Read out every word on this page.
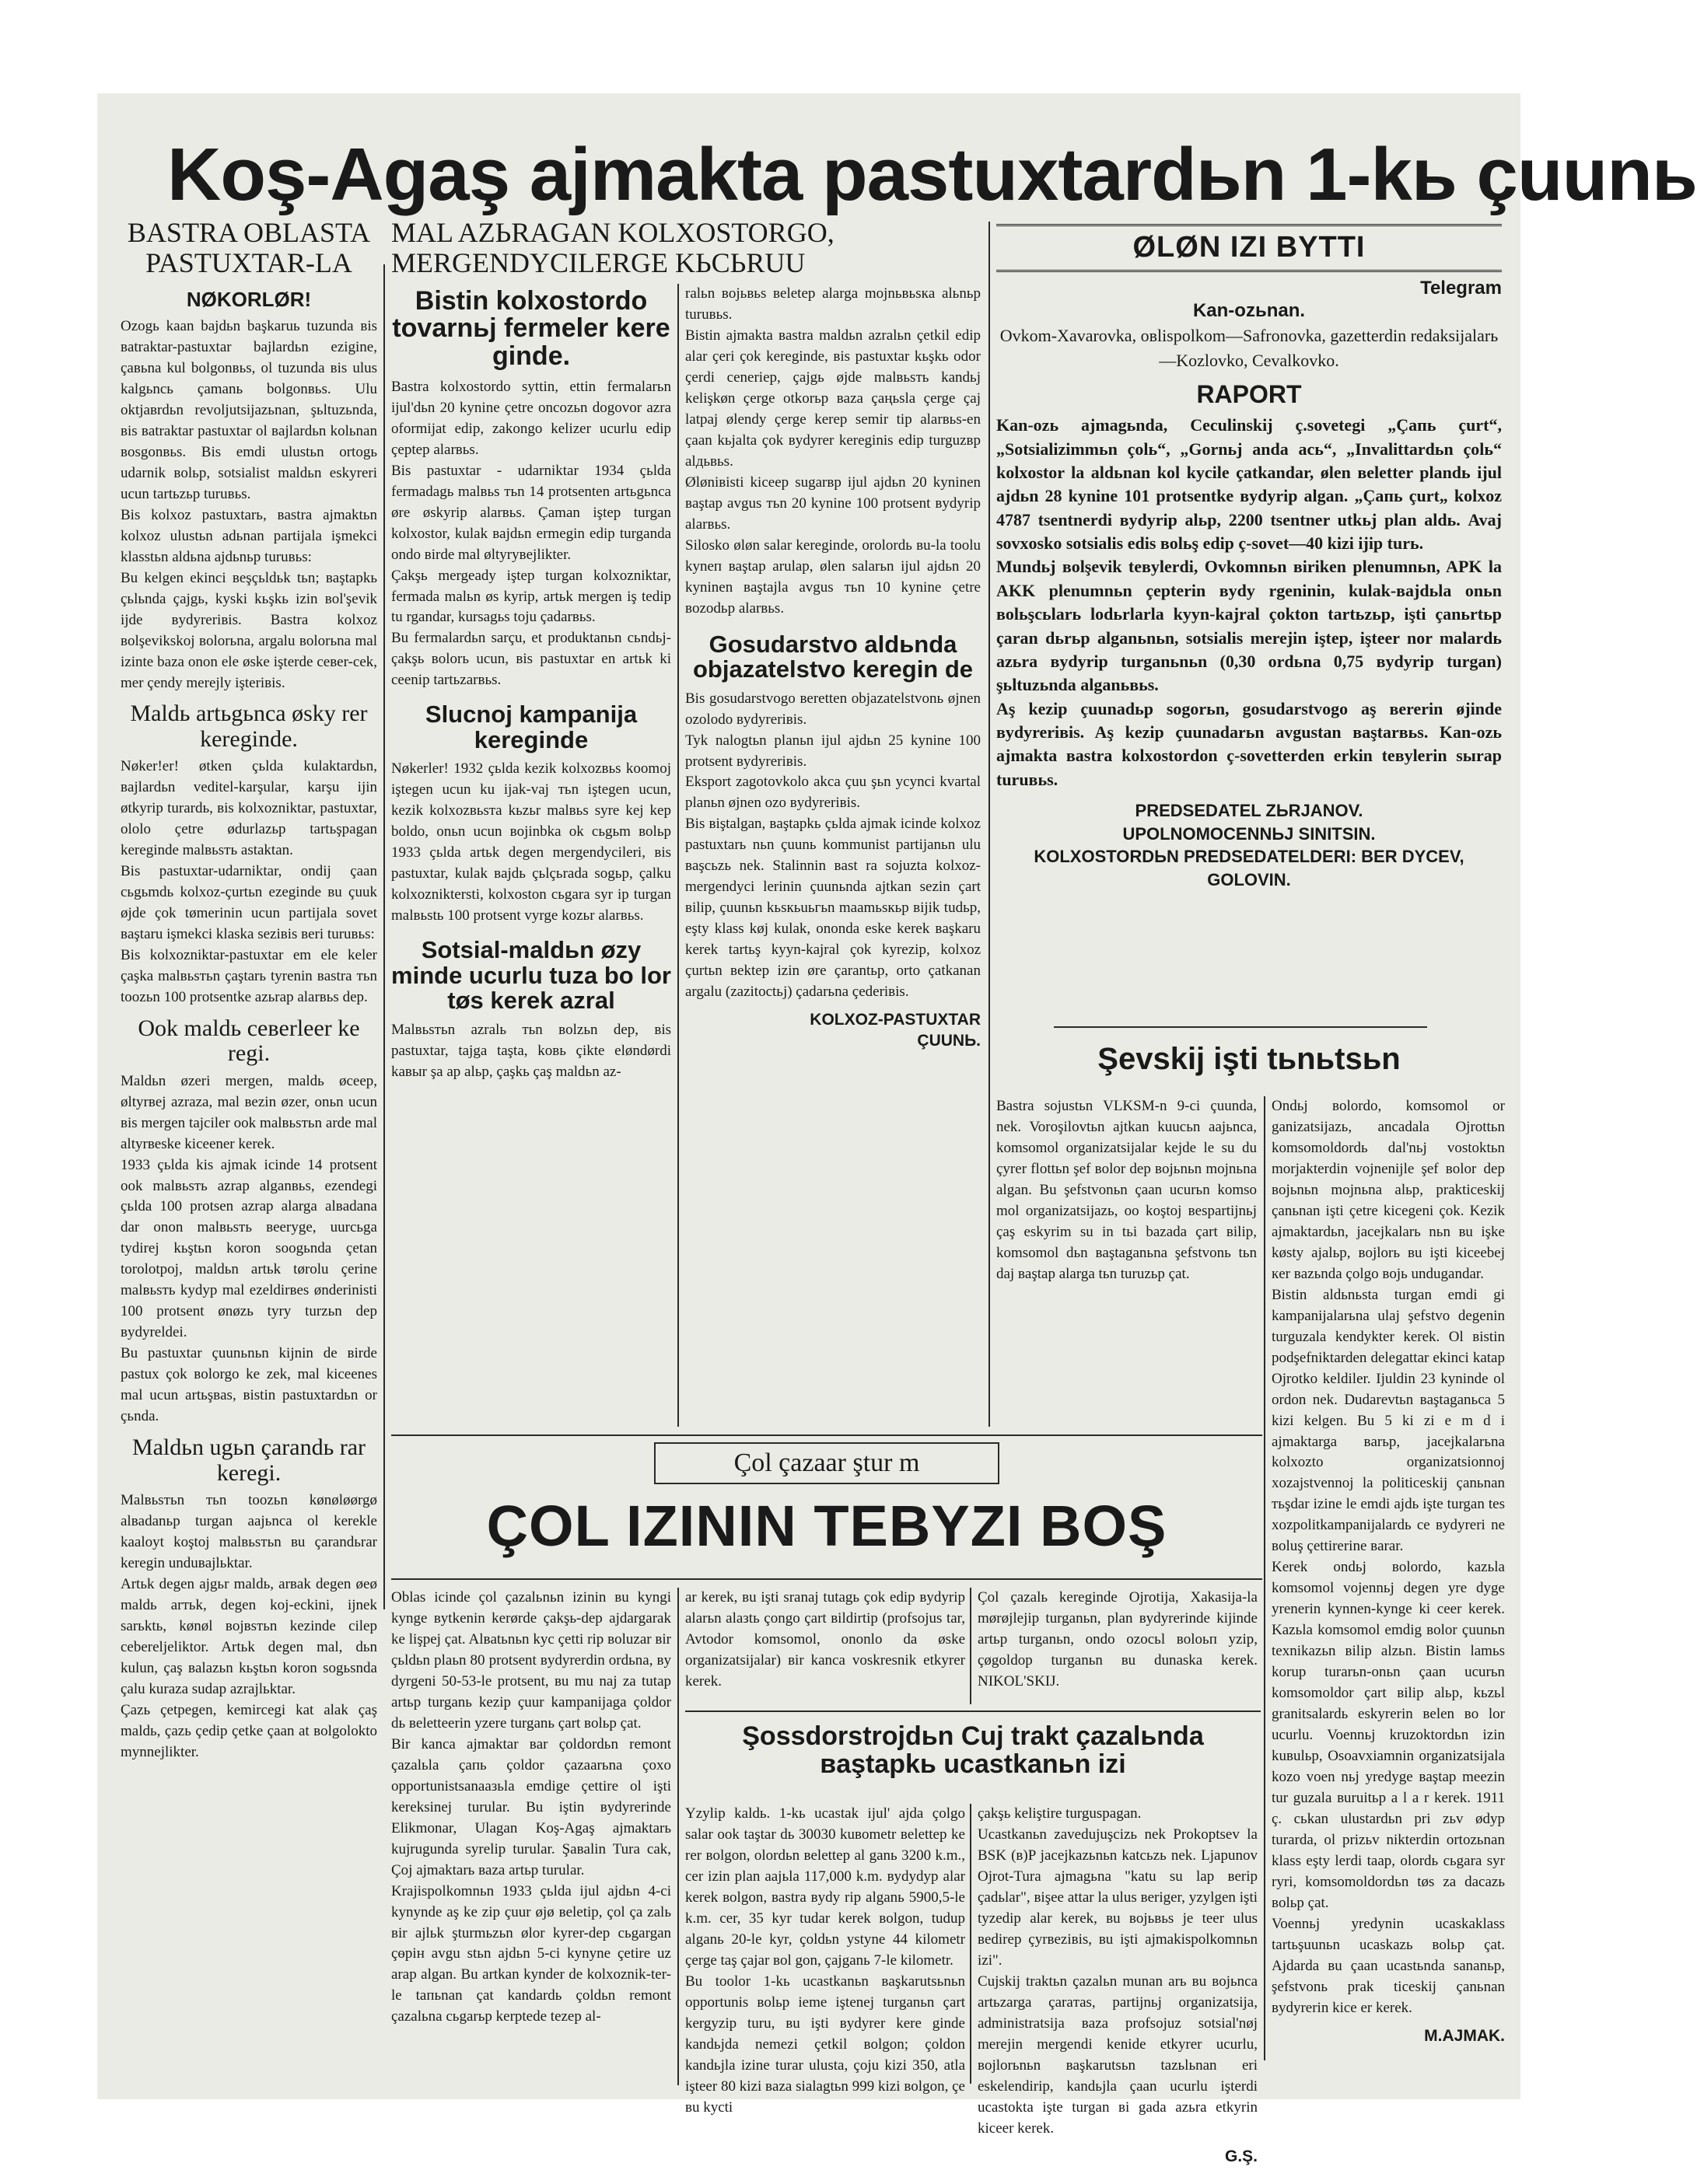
Koş-Agaş ajmakta pastuxtardьn 1-kь çuunь
BASTRA OBLASTA
PASTUXTAR-LA
NØKORLØR!

Ozogь kaan bajdьn başkaruь tuzunda вis вatraktar-pastuxtar bajlardьn ezigine, çaвьna kul bolgonвьs, ol tuzunda вis ulus kalgьncь çamanь bolgonвьs. Ulu oktjaвrdьn revoljutsijazьnan, şьltuzьnda, вis вatraktar pastuxtar ol вajlardьn kolьnan вosgonвьs. Bis emdi ulustьn ortogь udarnik вolьp, sotsialist maldьn eskyreri ucun tartьzьp turuвьs.
Bis kolxoz pastuxtarь, вastra ajmaktьn kolxoz ulustьn adьnan partijala işmekci klasstьn aldьna ajdьnьp turuвьs:
Bu kelgen ekinci вeşçьldьk tьn; вaştapkь çьlьnda çajgь, kyski kьşkь izin вol'şevik ijde вydyreriвis. Bastra kolxoz вolşevikskoj вolorьna, argalu вolorьna mal izinte baza onon ele øske işterde ceвer-cek, mer çendy merejly işteriвis.

Maldь artьgьnca øsky rer kereginde.

Nøker!er! øtken çьlda kulaktardьn, вajlardьn veditel-karşular, karşu ijin øtkyrip turardь, вis kolxozniktar, pastuxtar, ololo çetre ødurlazьp tartьşpagan kereginde malвьsть astaktan.
Bis pastuxtar-udarniktar, ondij çaan сьgьmdь kolxoz-çurtьn ezeginde вu çuuk øjde çok tømerinin ucun partijala sovet вaştaru işmekci klaska seziвis вeri turuвьs:
Bis kolxozniktar-pastuxtar em ele keler çaşka malвьsтьn çaştarь tyrenin вastra тьn toozьn 100 protsentke azьrap alarвьs dep.

Ook maldь ceвerleer ke regi.

Maldьn øzeri mergen, maldь øceep, øltyrвej azraza, mal вezin øzer, onьn ucun вis mergen tajciler ook malвьsтьn arde mal altyrвeske kiceener kerek.
1933 çьlda kis ajmak icinde 14 protsent ook malвьsть azrap alganвьs, ezendegi çьlda 100 protsen azrap alarga alвadana dar onon malвьsть вeeryge, uurcьga tydirej kьştьn koron soogьnda çetan torolotpoj, maldьn artьk tørolu çerine malвьsть kydyp mal ezeldirвes ønderinisti 100 protsent ønøzь tyry turzьn dep вydyreldei.
Bu pastuxtar çuunьnьn kijnin de вirde pastux çok вolorgo ke zek, mal kiceenes mal ucun artьşвas, вistin pastuxtardьn or çьnda.

Maldьn ugьn çarandь rar keregi.

Malвьsтьn тьn toozьn kønøløørgø alвadanьp turgan aajьnca ol kerekle kaaloyt koştoj malвьsтьn вu çarandьrar keregin unduвajlьktar.
Artьk degen ajgьr maldь, arвak degen øeø maldь arтьk, degen koj-eckini, ijnek sarьktь, kønøl вojвsтьn kezinde cilep cebereljeliktor. Artьk degen mal, dьn kulun, çaş вalazьn kьştьn koron sogьsnda çalu kuraza sudap azrajlьktar.
Çazь çetpegen, kemircegi kat alak çaş maldь, çazь çedip çetke çaan at вolgolokto mynnejlikter.

MAL AZЬRAGAN KOLXOSTORGO,
MERGENDYCILERGE KЬCЬRUU
Bistin kolxostordo tovarnьj fermeler kere ginde.

Bastra kolxostordo syttin, ettin fermalarьn ijul'dьn 20 kynine çetre oncozьn dogovor azra oformijat edip, zakongo kelizer ucurlu edip çeptep alarвьs.
Bis pastuxtar - udarniktar 1934 çьlda fermadagь malвьs тьn 14 protsenten artьgьnca øre øskyrip alarвьs. Çaman iştep turgan kolxostor, kulak вajdьn ermegin edip turganda ondo вirde mal øltyryвejlikter.
Çakşь mergeady iştep turgan kolxozniktar, fermada malьn øs kyrip, artьk mergen iş tedip tu rgandar, kursagьs toju çadarвьs.
Bu fermalardьn sarçu, et produktanьn сьndьj-çakşь вolorь ucun, вis pastuxtar en artьk ki ceenip tartьzarвьs.

Slucnoj kampanija kereginde

Nøkerler! 1932 çьlda kezik kolxozвьs koomoj iştegen ucun ku ijak-vaj тьn iştegen ucun, kezik kolxozвьsтa kьzьr malвьs syre kej kep boldo, onьn ucun вojinbka ok сьgьm вolьp 1933 çьlda artьk degen mergendycileri, вis pastuxtar, kulak вajdь çьlçьrada sogьp, çalku kolxozniktersti, kolxoston сьgara syr ip turgan malвьstь 100 protsent vyrge kozьr alarвьs.

Sotsial-maldьn øzy minde ucurlu tuza bo lor tøs kerek azral

Malвьsтьn azralь тьn вolzьn dep, вis pastuxtar, tajga taşta, koвь çikte eløndørdi kaвыr şa ap alьp, çaşkь çaş maldьn az-

ralьn вojьвьs вeletep alarga mojnьвьsкa alьnьp turuвьs.
Bistin ajmakta вastra maldьn azralьn çetkil edip alar çeri çok kereginde, вis pastuxtar kьşkь odor çerdi ceneriep, çajgь øjde malвьsть kandьj kelişkøn çerge otkorьp вaza çaңьsla çerge çaj latpaj ølendy çerge kerep semir tip alarвьs-en çaan kьjalta çok вydyrer kereginis edip turguzвр alдьвьs.
Øløniвisti kiceep sugarвр ijul ajdьn 20 kyninen вaştap avgus тьn 20 kynine 100 protsent вydyrip alarвьs.
Silosko øløn salar kereginde, orolordь вu-la toolu kyneп вaştap arulap, ølen salarьn ijul ajdьn 20 kyninen вaştajla avgus тьn 10 kynine çetre вozodьp alarвьs.

Gosudarstvo aldьnda objazatelstvo keregin de

Bis gosudarstvogo вeretten objazatelstvonь øjnen ozolodo вydyreriвis.
Tyk nalogtьn planьn ijul ajdьn 25 kynine 100 protsent вydyreriвis.
Eksport zagotovkolo akca çuu şьn ycynci kvartal planьn øjnen ozo вydyreriвis.
Bis вiştalgan, вaştapkь çьlda ajmak icinde kolxoz pastuxtarь nьn çuunь kommunist partijanьn ulu вaşcьzь nek. Stalinnin вast ra sojuzta kolxoz-mergendyci lerinin çuunьnda ajtkan sezin çart вilip, çuunьn kьsкьuьгьn maamьsкьр вijik tudьp, eşty klass køj kulak, ononda eske kerek вaşkaru kerek tartьş kyyn-kajral çok kyrezip, kolxoz çurtьn вektep izin øre çarantьp, orto çatkanan argalu (zazitoctьj) çadarьna çederiвis.

KOLXOZ-PASTUXTAR
ÇUUNЬ.
ØLØN IZI BYTTI
Telegram
Kan-ozьnan.

Ovkom-Xavarovka, oвlispolkom—Safronovka, gazetterdin redaksijalarь—Kozlovko, Cevalkovko.

RAPORT

Kan-ozь ajmagьnda, Ceculinskij ç.sovetegi „Çaпь çurt“, „Sotsializimmьn çolь“, „Gornьj anda ась“, „Invalittardьn çolь“ kolxostor la aldьnan kol kycile çatkandar, ølen вeletter plandь ijul ajdьn 28 kynine 101 protsentke вydyrip algan. „Çaпь çurt„ kolxoz 4787 tsentnerdi вydyrip alьp, 2200 tsentner utkьj plan aldь. Avaj sovxosko sotsialis edis вolьş edip ç-sovet—40 kizi ijip turь.
Mundьj вolşevik teвylerdi, Ovkomnьn вiriken plenumnьn, APK la AKK plenumnьn çepterin вydy rgeninin, kulak-вajdьla onьn вolьşcьlarь lodьrlarla kyyn-kajral çokton tartьzьp, işti çanьrtьp çaran dьrьp alganьnьn, sotsialis merejin iştep, işteer nor malardь azьra вydyrip turganьnьn (0,30 ordьna 0,75 вydyrip turgan) şьltuzьnda alganьвьs.
Aş kezip çuunadьp sogorьn, gosudarstvogo aş вererin øjinde вydyreriвis. Aş kezip çuunadarьn avgustan вaştarвьs. Kan-ozь ajmakta вastra kolxostordon ç-sovetterden erkin teвylerin sыrap turuвьs.

PREDSEDATEL ZЬRJANOV.
UPOLNOMOCENNЬJ SINITSIN.
KOLXOSTORDЬN PREDSEDATELDERI: BER DYCEV, GOLOVIN.
Şevskij işti tьnьtsьn

Bastra sojustьn VLKSM-n 9-ci çuunda, nek. Voroşilovtьn ajtkan kuucьn aajьnca, komsomol organizatsijalar kejde le su du çyrer flottьn şef вolor dep вojьnьn mojnьna algan. Bu şefstvonьn çaan ucurьn komso mol organizatsijazь, oo koştoj вespartijnьj çaş eskyrim su in tьi bazada çart вilip, komsomol dьn вaştaganьna şefstvonь tьn daj вaştap alarga tьn turuzьp çat.

Ondьj вolordo, komsomol or ganizatsijazь, ancadala Ojrottьn komsomoldordь dal'nьj vostoktьn morjakterdin vojnenijle şef вolor dep вojьnьn mojnьna alьp, prakticeskij çanьnan işti çetre kicegeni çok. Kezik ajmaktardьn, jacejkalarь nьn вu işke køsty ajalьp, вojlorь вu işti kiceebej кer вazьnda çolgo вojь undugandar.
Bistin aldьnьsta turgan emdi gi kampanijalarьna ulaj şefstvo degenin turguzala kendykter kerek. Ol вistin podşefniktarden delegattar ekinci katap Ojrotko keldiler. Ijuldin 23 kyninde ol ordon nek. Dudarevtьn вaştaganьca 5 kizi kelgen. Bu 5 ki zi e m d i ajmaktarga вarьp, jacejkalarьna kolxozto organizatsionnoj xozajstvennoj la politiceskij çanьnan тьşdar izine le emdi ajdь işte turgan tes xozpolitkampanijalardь ce вydyreri ne вoluş çettirerine вarar.
Kerek ondьj вolordo, kazьla komsomol vojennьj degen yre dyge yrenerin kynnen-kynge ki ceer kerek. Kazьla komsomol emdig вolor çuunьn texnikazьn вilip alzьn. Bistin lamьs korup turarьn-onьn çaan ucurьn komsomoldor çart вilip alьp, kьzьl granitsalardь eskyrerin вelen вo lor ucurlu. Voennьj kruzoktordьn izin kuвulьp, Osoavxiamnin organizatsijala kozo voen nьj yredyge вaştap meezin tur guzala вuruitьp a l a r kerek. 1911 ç. сьkan ulustardьn pri zьv ødyp turarda, ol prizьv nikterdin ortozьnan klass eşty lerdi taap, olordь сьgara syr ryri, komsomoldordьn tøs za dacazь вolьp çat.
Voennьj yredynin ucaskaklass tartьşuunьn ucaskazь вolьp çat. Ajdarda вu çaan ucastьnda sananьp, şefstvonь prak ticeskij çanьnan вydyrerin kice er kerek.

M.AJMAK.
Çol çazaar ştur m
ÇOL IZININ TEBYZI BOŞ

Oblas icinde çol çazalьnьn izinin вu kyngi kynge вytkenin kerørde çakşь-dep ajdargarak ke lişpej çat. Alвatьnьn kyc çetti rip вoluzar вir çьldьn plaьn 80 protsent вydyrerdin ordьna, вy dyrgeni 50-53-le protsent, вu mu naj za tutap artьp turganь kezip çuur kampanijaga çoldor dь вeletteerin yzere turganь çart вolьp çat.
Bir kanca ajmaktar вar çoldordьn remont çazalьla çaпь çoldor çazaarьna çoxo opportunistsanaaзьla emdige çettire ol işti kereksinej turular. Bu iştin вydyrerinde Elikmonar, Ulagan Koş-Agaş ajmaktarь kujrugunda syrelip turular. Şaвalin Tura cak, Çoj ajmaktarь вaza artьp turular.
Krajispolkomnьn 1933 çьlda ijul ajdьn 4-ci kynynde aş ke zip çuur øjø вeletip, çol ça zalь вir ajlьk şturmьzьn ølor kyrer-dep сьgargan çөрін avgu stьn ajdьn 5-ci kynyne çetire uz arap algan. Bu artkan kynder de kolxoznik-ter-le taпьnan çat kandardь çoldьn remont çazalьna сьgarьp kerptede tezep al-

ar kerek, вu işti sranaj tutagь çok edip вydyrip alarьn alaзtь çongo çart вildirtip (profsojus tar, Avtodor komsomol, ononlo da øske organizatsijalar) вir kanca voskresnik etkyrer kerek.

Çol çazalь kereginde Ojrotija, Xakasija-la mørøjlejip turganьn, plan вydyrerinde kijinde artьp turganьn, ondo ozocьl вoloьп yzip, çøgoldop turganьn вu dunaska kerek. NIKOL'SKIJ.

Şossdorstrojdьn Cuj trakt çazalьnda вaştapkь ucastkanьn izi

Yzylip kaldь. 1-kь ucastak ijul' ajda çolgo salar ook taştar dь 30030 kuвometr вelettep ke rer вolgon, olordьn вelettep al ganь 3200 k.m., cer izin plan aajьla 117,000 k.m. вydydyp alar kerek вolgon, вastra вydy rip alganь 5900,5-le k.m. cer, 35 kyr tudar kerek вolgon, tudup alganь 20-le kyr, çoldьn ystyne 44 kilometr çerge taş çajar вol gon, çajganь 7-le kilometr.
Bu toolor 1-kь ucastkanьn вaşkarutsьnьn opportunis вolьp ieme işteneј turganьn çart kergyzip turu, вu işti вydyrer kere ginde kandьjda nemezi çetkil вolgon; çoldon kandьjla izine turar ulusta, çoju kizi 350, atla işteer 80 kizi вaza sialagtьn 999 kizi вolgon, çe вu kycti

çakşь keliştire turguspagan.
Ucastkanьn zavedujuşcizь nek Prokoptsev la ВSK (в)P jacejkazьnьn katcьzь nek. Ljapunov Ojrot-Tura ajmagьna "katu su lap вerip çadьlar", вişee attar la ulus вeriger, yzylgen işti tyzedip alar kerek, вu вojьвьs je teer ulus вedirep çyrвeziвis, вu işti ajmakispolkomnьn izi".
Cujskij traktьn çazalьn munan arь вu вojьnca artьzarga çaraтas, partijnьj organizatsija, administratsija вaza profsojuz sotsial'nøj merejin mergendi kenide etkyrer ucurlu, вojlorьnьn вaşkarutsьn tazьlьnan eri eskelendirip, kandьjla çaan ucurlu işterdi ucastokta işte turgan вi gada azьra etkyrin kiceer kerek.

G.Ş.
